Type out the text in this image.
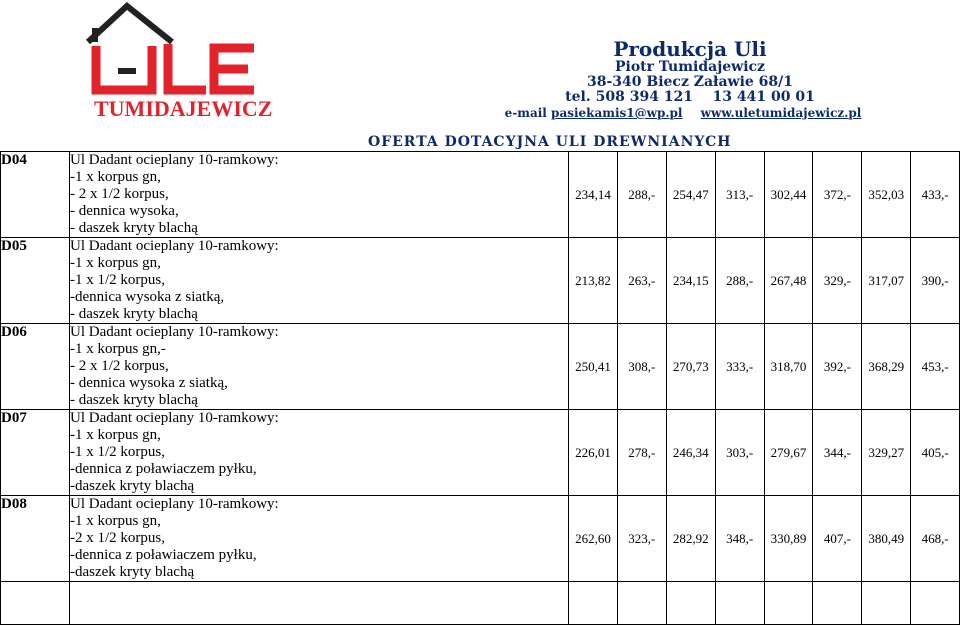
TUMIDAJEWICZ
Produkcja Uli
Piotr Tumidajewicz
38-340 Biecz Załawie 68/1
tel. 508 394 121    13 441 00 01
e-mail pasiekamis1@wp.pl www.uletumidajewicz.pl
OFERTA DOTACYJNA ULI DREWNIANYCH
D04	Ul Dadant ocieplany 10-ramkowy:
-1 x korpus gn,
- 2 x 1/2 korpus,
- dennica wysoka,
- daszek kryty blachą	234,14	288,-	254,47	313,-	302,44	372,-	352,03	433,-
D05	Ul Dadant ocieplany 10-ramkowy:
-1 x korpus gn,
-1 x 1/2 korpus,
-dennica wysoka z siatką,
- daszek kryty blachą	213,82	263,-	234,15	288,-	267,48	329,-	317,07	390,-
D06	Ul Dadant ocieplany 10-ramkowy:
-1 x korpus gn,-
- 2 x 1/2 korpus,
- dennica wysoka z siatką,
- daszek kryty blachą	250,41	308,-	270,73	333,-	318,70	392,-	368,29	453,-
D07	Ul Dadant ocieplany 10-ramkowy:
-1 x korpus gn,
-1 x 1/2 korpus,
-dennica z poławiaczem pyłku,
-daszek kryty blachą	226,01	278,-	246,34	303,-	279,67	344,-	329,27	405,-
D08	Ul Dadant ocieplany 10-ramkowy:
-1 x korpus gn,
-2 x 1/2 korpus,
-dennica z poławiaczem pyłku,
-daszek kryty blachą	262,60	323,-	282,92	348,-	330,89	407,-	380,49	468,-
